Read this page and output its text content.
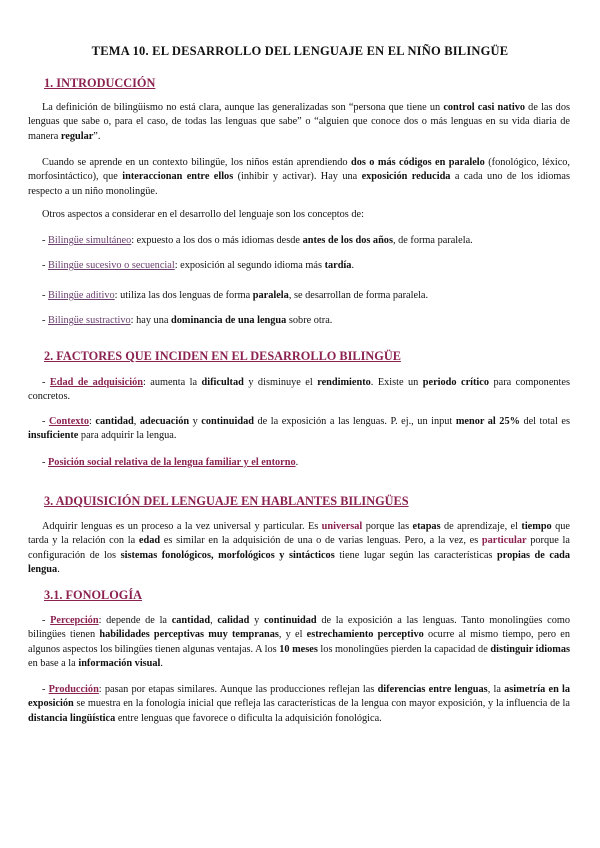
TEMA 10. EL DESARROLLO DEL LENGUAJE EN EL NIÑO BILINGÜE
1. INTRODUCCIÓN

La definición de bilingüismo no está clara, aunque las generalizadas son “persona que tiene un control casi nativo de las dos lenguas que sabe o, para el caso, de todas las lenguas que sabe” o “alguien que conoce dos o más lenguas en su vida diaria de manera regular”.

Cuando se aprende en un contexto bilingüe, los niños están aprendiendo dos o más códigos en paralelo (fonológico, léxico, morfosintáctico), que interaccionan entre ellos (inhibir y activar). Hay una exposición reducida a cada uno de los idiomas respecto a un niño monolingüe.

Otros aspectos a considerar en el desarrollo del lenguaje son los conceptos de:

- Bilingüe simultáneo: expuesto a los dos o más idiomas desde antes de los dos años, de forma paralela.

- Bilingüe sucesivo o secuencial: exposición al segundo idioma más tardía.

- Bilingüe aditivo: utiliza las dos lenguas de forma paralela, se desarrollan de forma paralela.

- Bilingüe sustractivo: hay una dominancia de una lengua sobre otra.

2. FACTORES QUE INCIDEN EN EL DESARROLLO BILINGÜE

- Edad de adquisición: aumenta la dificultad y disminuye el rendimiento. Existe un periodo crítico para componentes concretos.

- Contexto: cantidad, adecuación y continuidad de la exposición a las lenguas. P. ej., un input menor al 25% del total es insuficiente para adquirir la lengua.

- Posición social relativa de la lengua familiar y el entorno.

3. ADQUISICIÓN DEL LENGUAJE EN HABLANTES BILINGÜES

Adquirir lenguas es un proceso a la vez universal y particular. Es universal porque las etapas de aprendizaje, el tiempo que tarda y la relación con la edad es similar en la adquisición de una o de varias lenguas. Pero, a la vez, es particular porque la configuración de los sistemas fonológicos, morfológicos y sintácticos tiene lugar según las características propias de cada lengua.

3.1. FONOLOGÍA

- Percepción: depende de la cantidad, calidad y continuidad de la exposición a las lenguas. Tanto monolingües como bilingües tienen habilidades perceptivas muy tempranas, y el estrechamiento perceptivo ocurre al mismo tiempo, pero en algunos aspectos los bilingües tienen algunas ventajas. A los 10 meses los monolingües pierden la capacidad de distinguir idiomas en base a la información visual.

- Producción: pasan por etapas similares. Aunque las producciones reflejan las diferencias entre lenguas, la asimetría en la exposición se muestra en la fonología inicial que refleja las características de la lengua con mayor exposición, y la influencia de la distancia lingüística entre lenguas que favorece o dificulta la adquisición fonológica.
